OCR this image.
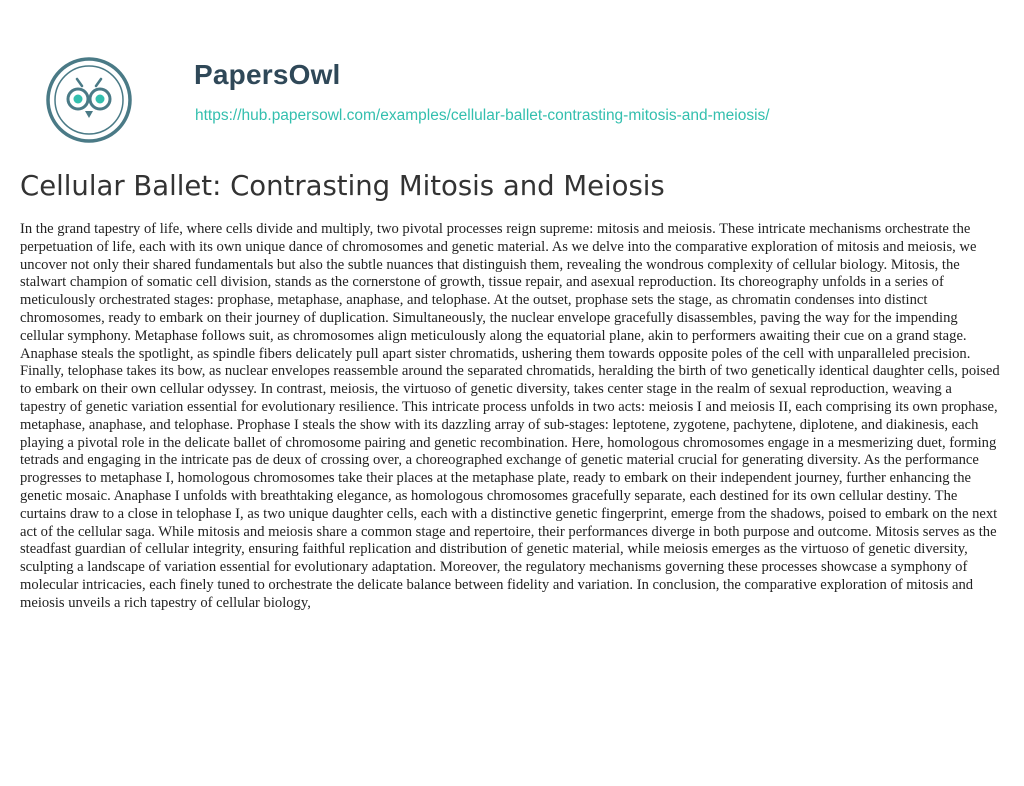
PapersOwl
https://hub.papersowl.com/examples/cellular-ballet-contrasting-mitosis-and-meiosis/
Cellular Ballet: Contrasting Mitosis and Meiosis

In the grand tapestry of life, where cells divide and multiply, two pivotal processes reign supreme: mitosis and meiosis. These intricate mechanisms orchestrate the perpetuation of life, each with its own unique dance of chromosomes and genetic material. As we delve into the comparative exploration of mitosis and meiosis, we uncover not only their shared fundamentals but also the subtle nuances that distinguish them, revealing the wondrous complexity of cellular biology. Mitosis, the stalwart champion of somatic cell division, stands as the cornerstone of growth, tissue repair, and asexual reproduction. Its choreography unfolds in a series of meticulously orchestrated stages: prophase, metaphase, anaphase, and telophase. At the outset, prophase sets the stage, as chromatin condenses into distinct chromosomes, ready to embark on their journey of duplication. Simultaneously, the nuclear envelope gracefully disassembles, paving the way for the impending cellular symphony. Metaphase follows suit, as chromosomes align meticulously along the equatorial plane, akin to performers awaiting their cue on a grand stage. Anaphase steals the spotlight, as spindle fibers delicately pull apart sister chromatids, ushering them towards opposite poles of the cell with unparalleled precision. Finally, telophase takes its bow, as nuclear envelopes reassemble around the separated chromatids, heralding the birth of two genetically identical daughter cells, poised to embark on their own cellular odyssey. In contrast, meiosis, the virtuoso of genetic diversity, takes center stage in the realm of sexual reproduction, weaving a tapestry of genetic variation essential for evolutionary resilience. This intricate process unfolds in two acts: meiosis I and meiosis II, each comprising its own prophase, metaphase, anaphase, and telophase. Prophase I steals the show with its dazzling array of sub-stages: leptotene, zygotene, pachytene, diplotene, and diakinesis, each playing a pivotal role in the delicate ballet of chromosome pairing and genetic recombination. Here, homologous chromosomes engage in a mesmerizing duet, forming tetrads and engaging in the intricate pas de deux of crossing over, a choreographed exchange of genetic material crucial for generating diversity. As the performance progresses to metaphase I, homologous chromosomes take their places at the metaphase plate, ready to embark on their independent journey, further enhancing the genetic mosaic. Anaphase I unfolds with breathtaking elegance, as homologous chromosomes gracefully separate, each destined for its own cellular destiny. The curtains draw to a close in telophase I, as two unique daughter cells, each with a distinctive genetic fingerprint, emerge from the shadows, poised to embark on the next act of the cellular saga. While mitosis and meiosis share a common stage and repertoire, their performances diverge in both purpose and outcome. Mitosis serves as the steadfast guardian of cellular integrity, ensuring faithful replication and distribution of genetic material, while meiosis emerges as the virtuoso of genetic diversity, sculpting a landscape of variation essential for evolutionary adaptation. Moreover, the regulatory mechanisms governing these processes showcase a symphony of molecular intricacies, each finely tuned to orchestrate the delicate balance between fidelity and variation. In conclusion, the comparative exploration of mitosis and meiosis unveils a rich tapestry of cellular biology,
